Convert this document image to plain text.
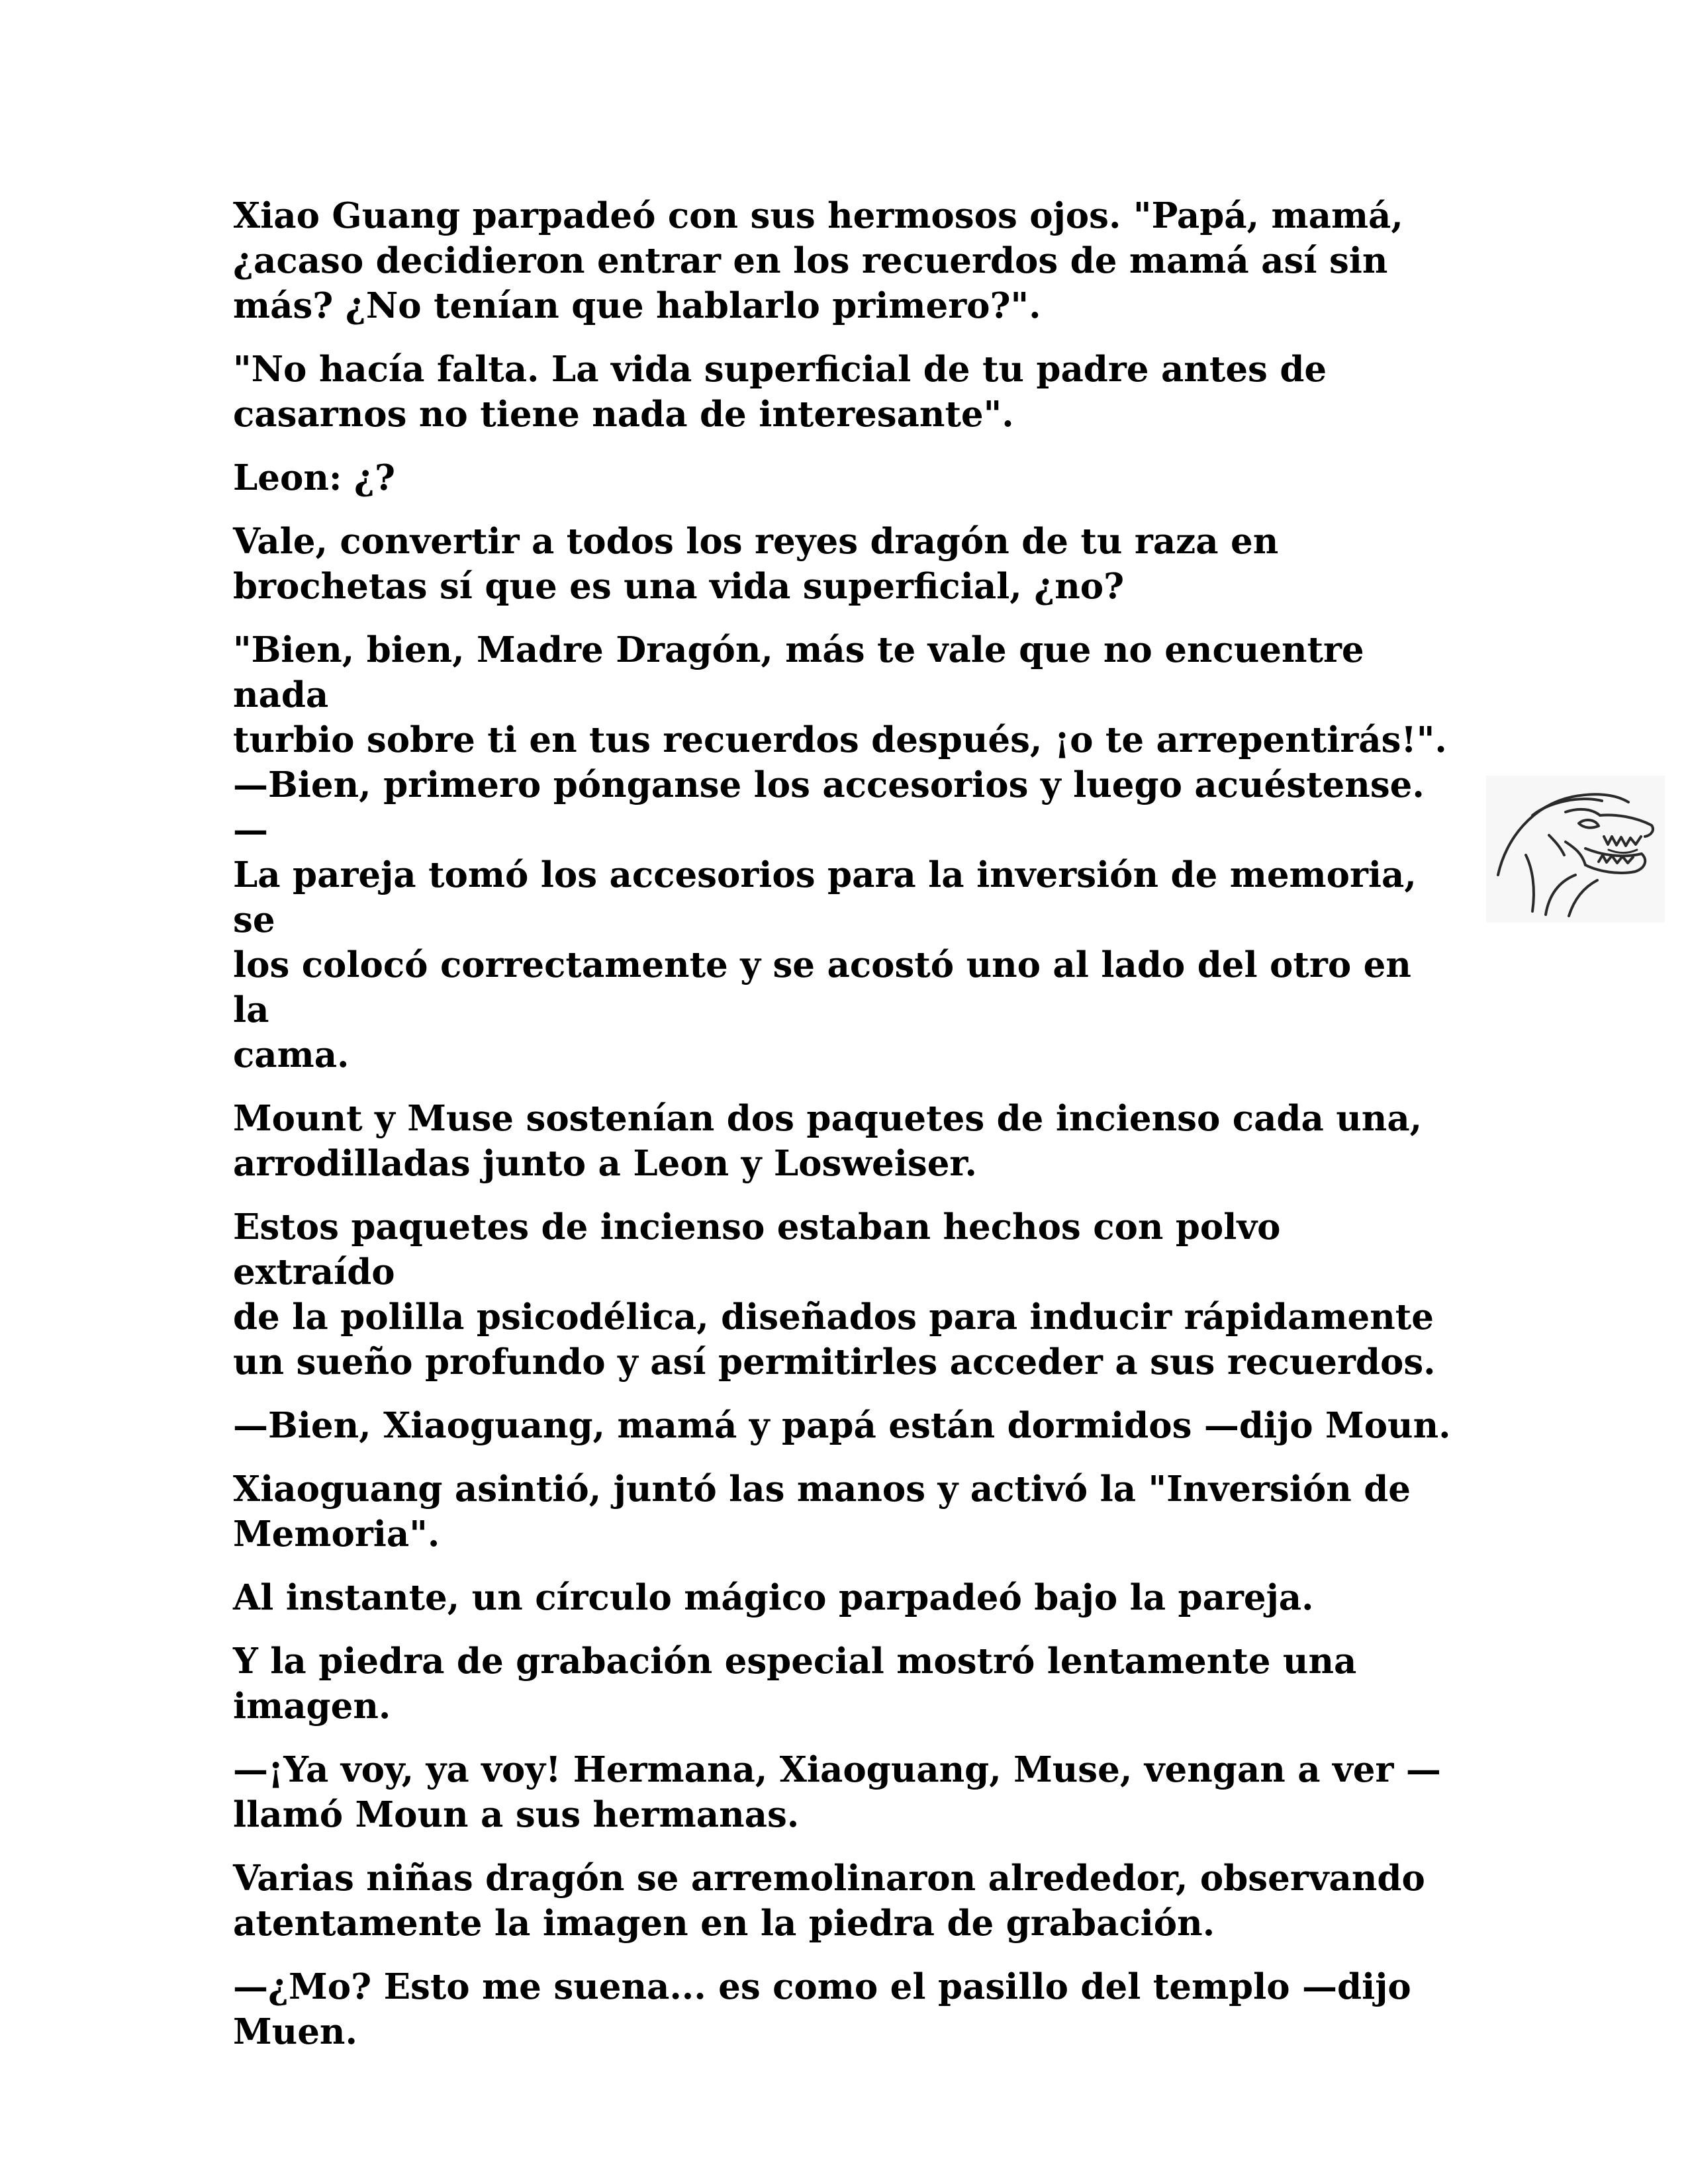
Xiao Guang parpadeó con sus hermosos ojos. "Papá, mamá,
¿acaso decidieron entrar en los recuerdos de mamá así sin
más? ¿No tenían que hablarlo primero?".

"No hacía falta. La vida superficial de tu padre antes de
casarnos no tiene nada de interesante".

Leon: ¿?

Vale, convertir a todos los reyes dragón de tu raza en
brochetas sí que es una vida superficial, ¿no?

"Bien, bien, Madre Dragón, más te vale que no encuentre nada
turbio sobre ti en tus recuerdos después, ¡o te arrepentirás!".
—Bien, primero pónganse los accesorios y luego acuéstense. —
La pareja tomó los accesorios para la inversión de memoria, se
los colocó correctamente y se acostó uno al lado del otro en la
cama.

Mount y Muse sostenían dos paquetes de incienso cada una,
arrodilladas junto a Leon y Losweiser.

Estos paquetes de incienso estaban hechos con polvo extraído
de la polilla psicodélica, diseñados para inducir rápidamente
un sueño profundo y así permitirles acceder a sus recuerdos.

—Bien, Xiaoguang, mamá y papá están dormidos —dijo Moun.

Xiaoguang asintió, juntó las manos y activó la "Inversión de
Memoria".

Al instante, un círculo mágico parpadeó bajo la pareja.

Y la piedra de grabación especial mostró lentamente una
imagen.

—¡Ya voy, ya voy! Hermana, Xiaoguang, Muse, vengan a ver —
llamó Moun a sus hermanas.

Varias niñas dragón se arremolinaron alrededor, observando
atentamente la imagen en la piedra de grabación.

—¿Mo? Esto me suena... es como el pasillo del templo —dijo
Muen.
